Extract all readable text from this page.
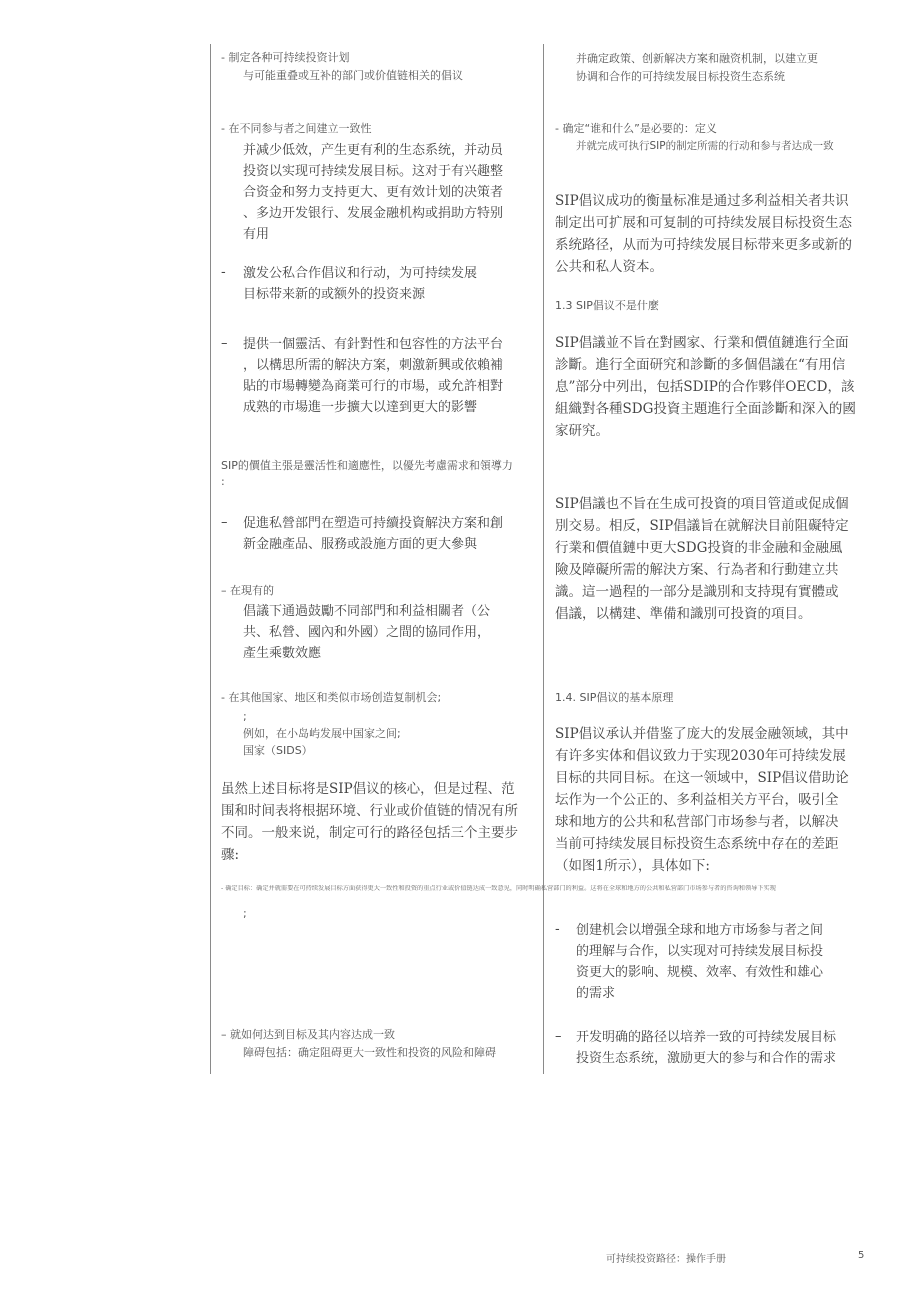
- 制定各种可持续投资计划
与可能重叠或互补的部门或价值链相关的倡议
- 在不同参与者之间建立一致性
并减少低效，产生更有利的生态系统，并动员
投资以实现可持续发展目标。这对于有兴趣整
合资金和努力支持更大、更有效计划的决策者
、多边开发银行、发展金融机构或捐助方特别
有用
- 激发公私合作倡议和行动，为可持续发展
目标带来新的或额外的投资来源
– 提供一個靈活、有針對性和包容性的方法平台
，以構思所需的解決方案，刺激新興或依賴補
貼的市場轉變為商業可行的市場，或允許相對
成熟的市場進一步擴大以達到更大的影響
SIP的價值主張是靈活性和適應性，以優先考慮需求和領導力
:
– 促進私營部門在塑造可持續投資解決方案和創
新金融產品、服務或設施方面的更大參與
– 在現有的
倡議下通過鼓勵不同部門和利益相關者（公
共、私營、國內和外國）之間的協同作用，
產生乘數效應
- 在其他国家、地区和类似市场创造复制机会;
;
例如，在小岛屿发展中国家之间;
国家（SIDS）
虽然上述目标将是SIP倡议的核心，但是过程、范
围和时间表将根据环境、行业或价值链的情况有所
不同。一般来说，制定可行的路径包括三个主要步
骤:
- 确定目标：确定并就需要在可持续发展目标方面获得更大一致性和投资的重点行业或价值链达成一致意见，同时明确私营部门的利益。这将在全球和地方的公共和私营部门市场参与者的咨询和领导下实现
;
– 就如何达到目标及其内容达成一致
障碍包括：确定阻碍更大一致性和投资的风险和障碍
并确定政策、创新解决方案和融资机制，以建立更
协调和合作的可持续发展目标投资生态系统
- 确定“谁和什么”是必要的：定义
并就完成可执行SIP的制定所需的行动和参与者达成一致
SIP倡议成功的衡量标准是通过多利益相关者共识
制定出可扩展和可复制的可持续发展目标投资生态
系统路径，从而为可持续发展目标带来更多或新的
公共和私人资本。
1.3 SIP倡议不是什麼
SIP倡議並不旨在對國家、行業和價值鏈進行全面
診斷。進行全面研究和診斷的多個倡議在“有用信
息”部分中列出，包括SDIP的合作夥伴OECD，該
組織對各種SDG投資主題進行全面診斷和深入的國
家研究。
SIP倡議也不旨在生成可投資的項目管道或促成個
別交易。相反，SIP倡議旨在就解決目前阻礙特定
行業和價值鏈中更大SDG投資的非金融和金融風
險及障礙所需的解決方案、行為者和行動建立共
識。這一過程的一部分是識別和支持現有實體或
倡議，以構建、準備和識別可投資的項目。
1.4. SIP倡议的基本原理
SIP倡议承认并借鉴了庞大的发展金融领域，其中
有许多实体和倡议致力于实现2030年可持续发展
目标的共同目标。在这一领域中，SIP倡议借助论
坛作为一个公正的、多利益相关方平台，吸引全
球和地方的公共和私营部门市场参与者，以解决
当前可持续发展目标投资生态系统中存在的差距
（如图1所示），具体如下:
- 创建机会以增强全球和地方市场参与者之间
的理解与合作，以实现对可持续发展目标投
资更大的影响、规模、效率、有效性和雄心
的需求
– 开发明确的路径以培养一致的可持续发展目标
投资生态系统，激励更大的参与和合作的需求
可持续投资路径：操作手册	5
